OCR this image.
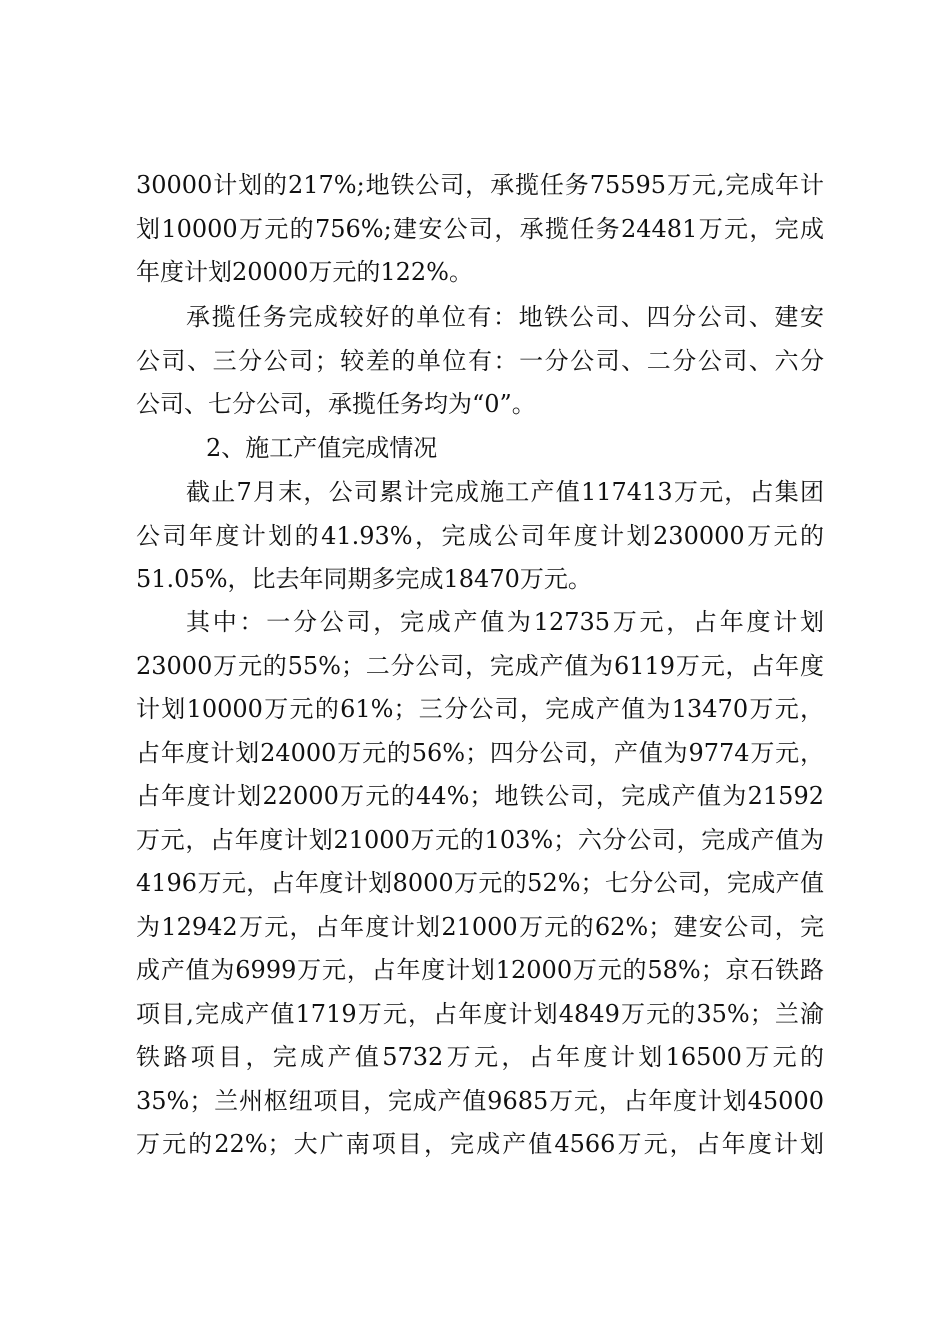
30000计划的217%;地铁公司，承揽任务75595万元,完成年计
划10000万元的756%;建安公司，承揽任务24481万元，完成
年度计划20000万元的122%。
承揽任务完成较好的单位有：地铁公司、四分公司、建安
公司、三分公司；较差的单位有：一分公司、二分公司、六分
公司、七分公司，承揽任务均为“0”。
2、施工产值完成情况
截止7月末，公司累计完成施工产值117413万元，占集团
公司年度计划的41.93%，完成公司年度计划230000万元的
51.05%，比去年同期多完成18470万元。
其中：一分公司，完成产值为12735万元，占年度计划
23000万元的55%；二分公司，完成产值为6119万元，占年度
计划10000万元的61%；三分公司，完成产值为13470万元，
占年度计划24000万元的56%；四分公司，产值为9774万元，
占年度计划22000万元的44%；地铁公司，完成产值为21592
万元，占年度计划21000万元的103%；六分公司，完成产值为
4196万元，占年度计划8000万元的52%；七分公司，完成产值
为12942万元，占年度计划21000万元的62%；建安公司，完
成产值为6999万元，占年度计划12000万元的58%；京石铁路
项目,完成产值1719万元，占年度计划4849万元的35%；兰渝
铁路项目，完成产值5732万元，占年度计划16500万元的
35%；兰州枢纽项目，完成产值9685万元，占年度计划45000
万元的22%；大广南项目，完成产值4566万元，占年度计划
